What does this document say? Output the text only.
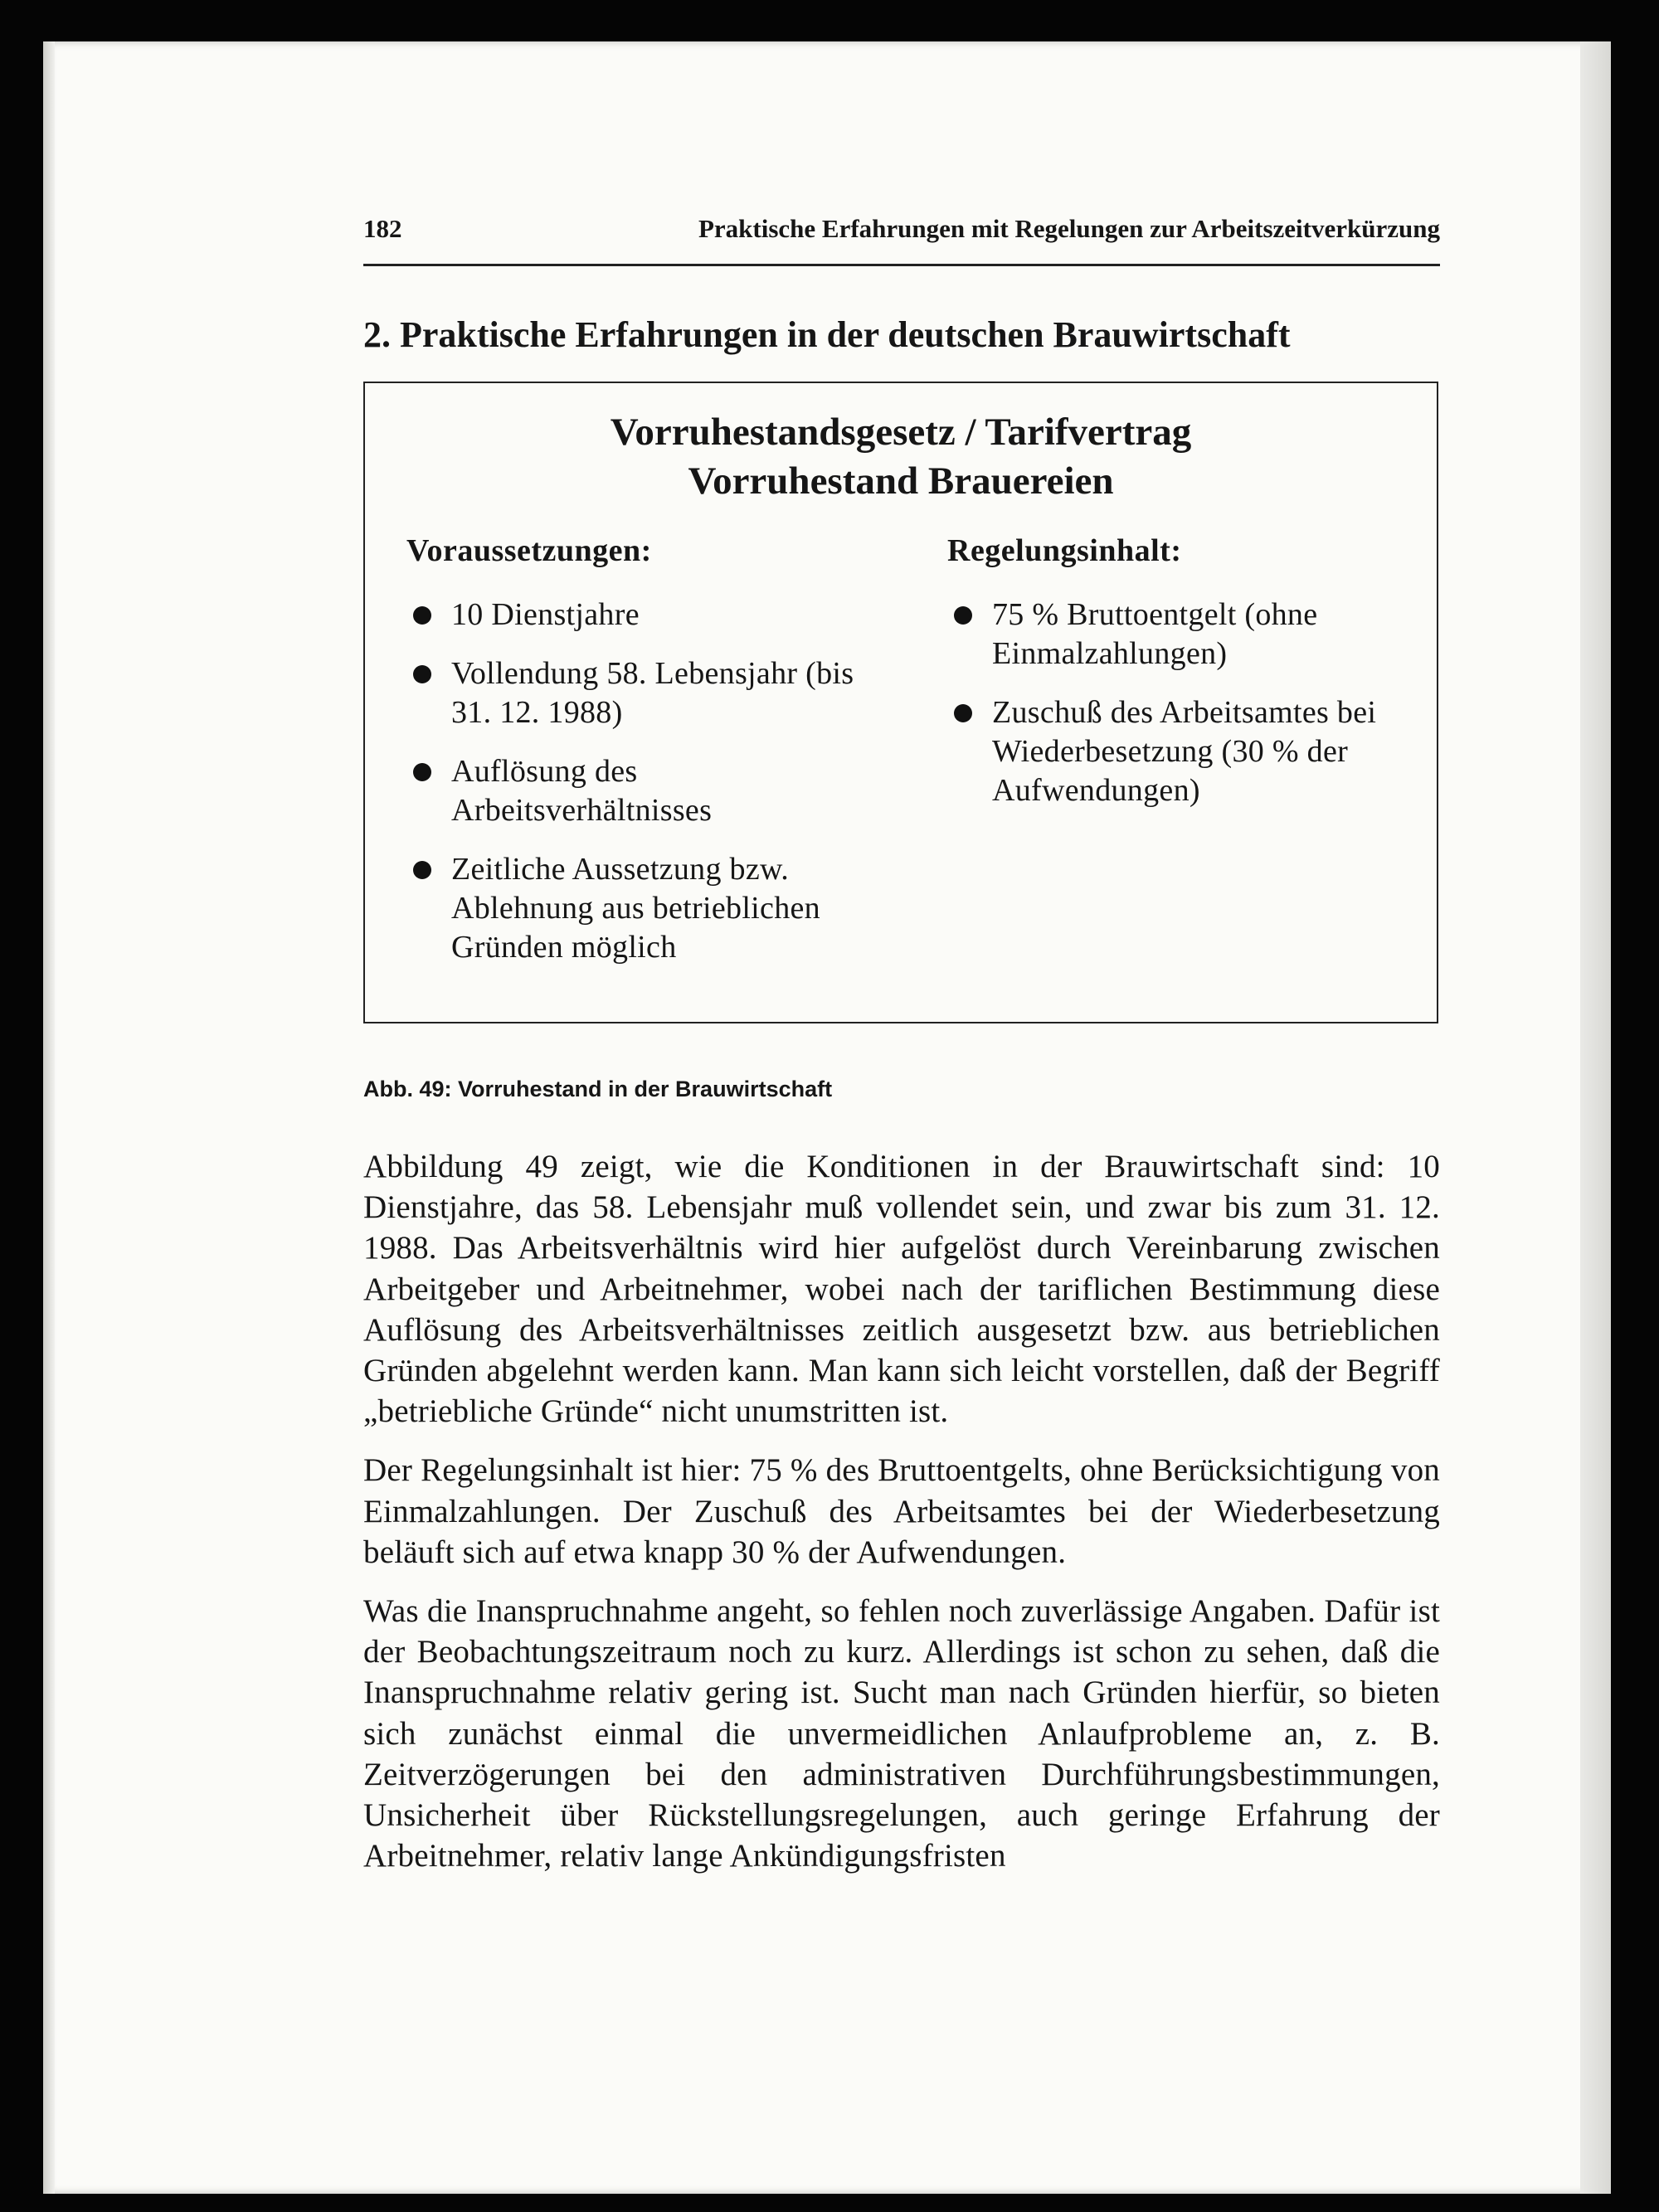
182	Praktische Erfahrungen mit Regelungen zur Arbeitszeitverkürzung
2. Praktische Erfahrungen in der deutschen Brauwirtschaft
Vorruhestandsgesetz / Tarifvertrag
Vorruhestand Brauereien
Voraussetzungen:
10 Dienstjahre
Vollendung 58. Lebensjahr (bis 31. 12. 1988)
Auflösung des Arbeitsverhältnisses
Zeitliche Aussetzung bzw. Ablehnung aus betrieblichen Gründen möglich
Regelungsinhalt:
75 % Bruttoentgelt (ohne Einmalzahlungen)
Zuschuß des Arbeitsamtes bei Wiederbesetzung (30 % der Aufwendungen)
Abb. 49: Vorruhestand in der Brauwirtschaft

Abbildung 49 zeigt, wie die Konditionen in der Brauwirtschaft sind: 10 Dienstjahre, das 58. Lebensjahr muß vollendet sein, und zwar bis zum 31. 12. 1988. Das Arbeitsverhältnis wird hier aufgelöst durch Vereinbarung zwischen Arbeitgeber und Arbeitnehmer, wobei nach der tariflichen Bestimmung diese Auflösung des Arbeitsverhältnisses zeitlich ausgesetzt bzw. aus betrieblichen Gründen abgelehnt werden kann. Man kann sich leicht vorstellen, daß der Begriff „betriebliche Gründe“ nicht unumstritten ist.

Der Regelungsinhalt ist hier: 75 % des Bruttoentgelts, ohne Berücksichtigung von Einmalzahlungen. Der Zuschuß des Arbeitsamtes bei der Wiederbesetzung beläuft sich auf etwa knapp 30 % der Aufwendungen.

Was die Inanspruchnahme angeht, so fehlen noch zuverlässige Angaben. Dafür ist der Beobachtungszeitraum noch zu kurz. Allerdings ist schon zu sehen, daß die Inanspruchnahme relativ gering ist. Sucht man nach Gründen hierfür, so bieten sich zunächst einmal die unvermeidlichen Anlaufprobleme an, z. B. Zeitverzögerungen bei den administrativen Durchführungsbestimmungen, Unsicherheit über Rückstellungsregelungen, auch geringe Erfahrung der Arbeitnehmer, relativ lange Ankündigungsfristen
